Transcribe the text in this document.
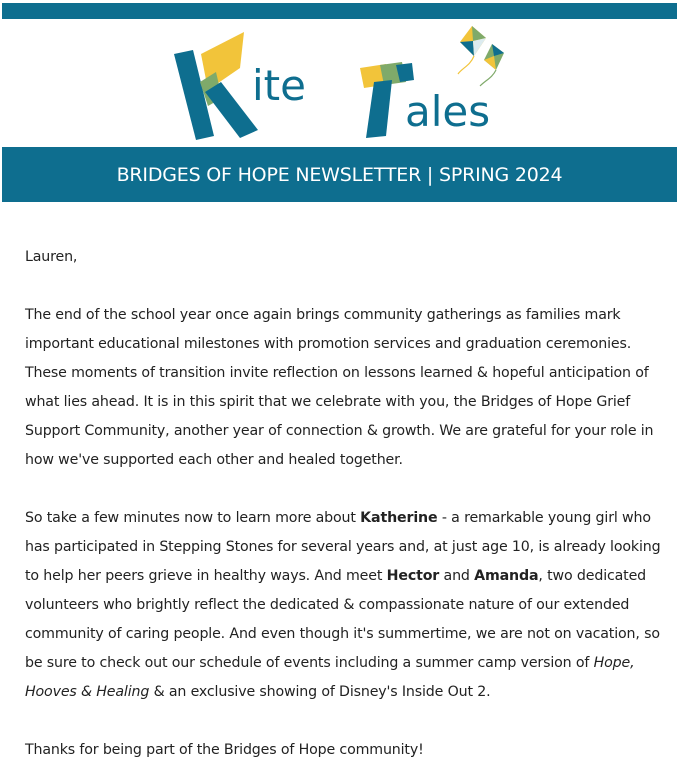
ite
ales
BRIDGES OF HOPE NEWSLETTER | SPRING 2024

Lauren,

The end of the school year once again brings community gatherings as families mark important educational milestones with promotion services and graduation ceremonies. These moments of transition invite reflection on lessons learned & hopeful anticipation of what lies ahead. It is in this spirit that we celebrate with you, the Bridges of Hope Grief Support Community, another year of connection & growth. We are grateful for your role in how we've supported each other and healed together.

So take a few minutes now to learn more about Katherine - a remarkable young girl who has participated in Stepping Stones for several years and, at just age 10, is already looking to help her peers grieve in healthy ways. And meet Hector and Amanda, two dedicated volunteers who brightly reflect the dedicated & compassionate nature of our extended community of caring people. And even though it's summertime, we are not on vacation, so be sure to check out our schedule of events including a summer camp version of Hope, Hooves & Healing & an exclusive showing of Disney's Inside Out 2.

Thanks for being part of the Bridges of Hope community!
